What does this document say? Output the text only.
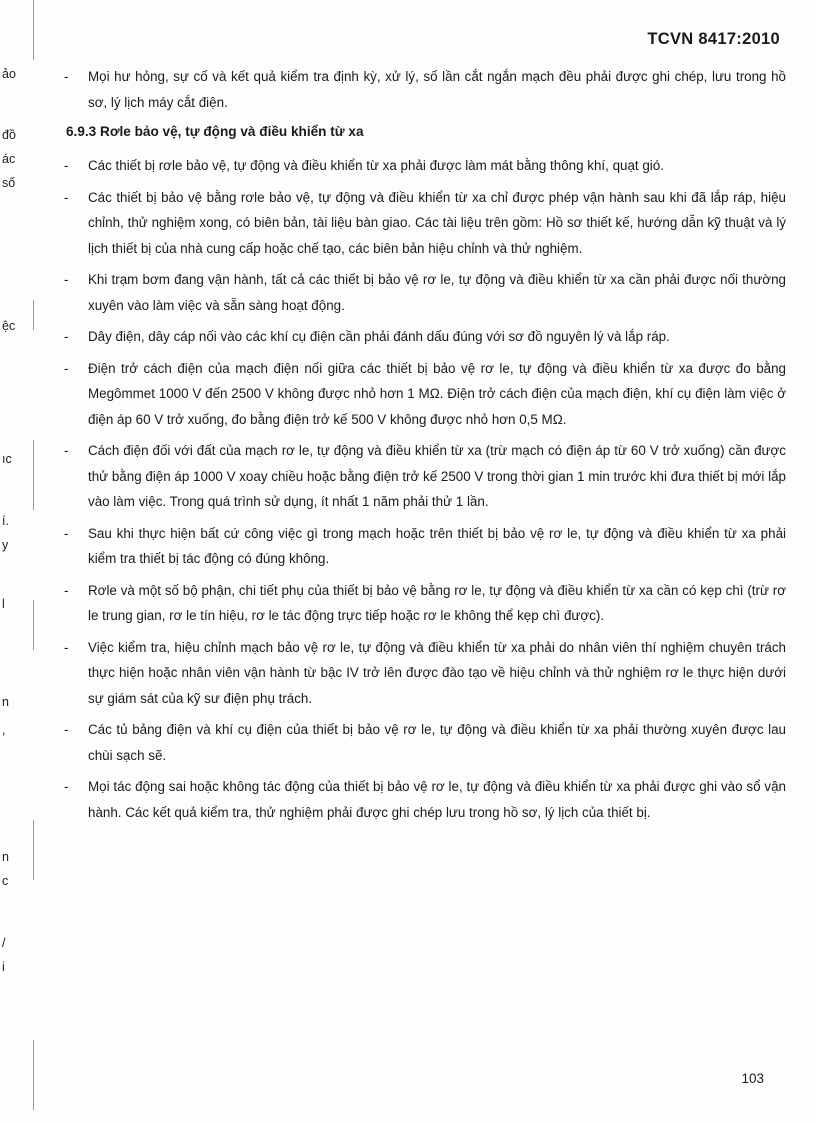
ảo
đồ
ác
số
ệc
ıc
í.
y
l
n
,
n
c
/
i
TCVN 8417:2010
-	Mọi hư hỏng, sự cố và kết quả kiểm tra định kỳ, xử lý, số lần cắt ngắn mạch đều phải được ghi chép, lưu trong hồ sơ, lý lịch máy cắt điện.
6.9.3 Rơle bảo vệ, tự động và điều khiển từ xa
-	Các thiết bị rơle bảo vệ, tự động và điều khiển từ xa phải được làm mát bằng thông khí, quạt gió.
-	Các thiết bị bảo vệ bằng rơle bảo vệ, tự động và điều khiển từ xa chỉ được phép vận hành sau khi đã lắp ráp, hiệu chỉnh, thử nghiệm xong, có biên bản, tài liệu bàn giao. Các tài liệu trên gồm: Hồ sơ thiết kế, hướng dẫn kỹ thuật và lý lịch thiết bị của nhà cung cấp hoặc chế tạo, các biên bản hiệu chỉnh và thử nghiệm.
-	Khi trạm bơm đang vận hành, tất cả các thiết bị bảo vệ rơ le, tự động và điều khiển từ xa cần phải được nối thường xuyên vào làm việc và sẵn sàng hoạt động.
-	Dây điện, dây cáp nối vào các khí cụ điện cần phải đánh dấu đúng với sơ đồ nguyên lý và lắp ráp.
-	Điện trở cách điện của mạch điện nối giữa các thiết bị bảo vệ rơ le, tự động và điều khiển từ xa được đo bằng Megômmet 1000 V đến 2500 V không được nhỏ hơn 1 MΩ. Điện trở cách điện của mạch điện, khí cụ điện làm việc ở điện áp 60 V trở xuống, đo bằng điện trở kế 500 V không được nhỏ hơn 0,5 MΩ.
-	Cách điện đối với đất của mạch rơ le, tự động và điều khiển từ xa (trừ mạch có điện áp từ 60 V trở xuống) cần được thử bằng điện áp 1000 V xoay chiều hoặc bằng điện trở kế 2500 V trong thời gian 1 min trước khi đưa thiết bị mới lắp vào làm việc. Trong quá trình sử dụng, ít nhất 1 năm phải thử 1 lần.
-	Sau khi thực hiện bất cứ công việc gì trong mạch hoặc trên thiết bị bảo vệ rơ le, tự động và điều khiển từ xa phải kiểm tra thiết bị tác động có đúng không.
-	Rơle và một số bộ phận, chi tiết phụ của thiết bị bảo vệ bằng rơ le, tự động và điều khiển từ xa cần có kẹp chì (trừ rơ le trung gian, rơ le tín hiệu, rơ le tác động trực tiếp hoặc rơ le không thể kẹp chì được).
-	Việc kiểm tra, hiệu chỉnh mạch bảo vệ rơ le, tự động và điều khiển từ xa phải do nhân viên thí nghiệm chuyên trách thực hiện hoặc nhân viên vận hành từ bậc IV trở lên được đào tạo về hiệu chỉnh và thử nghiệm rơ le thực hiện dưới sự giám sát của kỹ sư điện phụ trách.
-	Các tủ bảng điện và khí cụ điện của thiết bị bảo vệ rơ le, tự động và điều khiển từ xa phải thường xuyên được lau chùi sạch sẽ.
-	Mọi tác động sai hoặc không tác động của thiết bị bảo vệ rơ le, tự động và điều khiển từ xa phải được ghi vào sổ vận hành. Các kết quả kiểm tra, thử nghiệm phải được ghi chép lưu trong hồ sơ, lý lịch của thiết bị.
103
